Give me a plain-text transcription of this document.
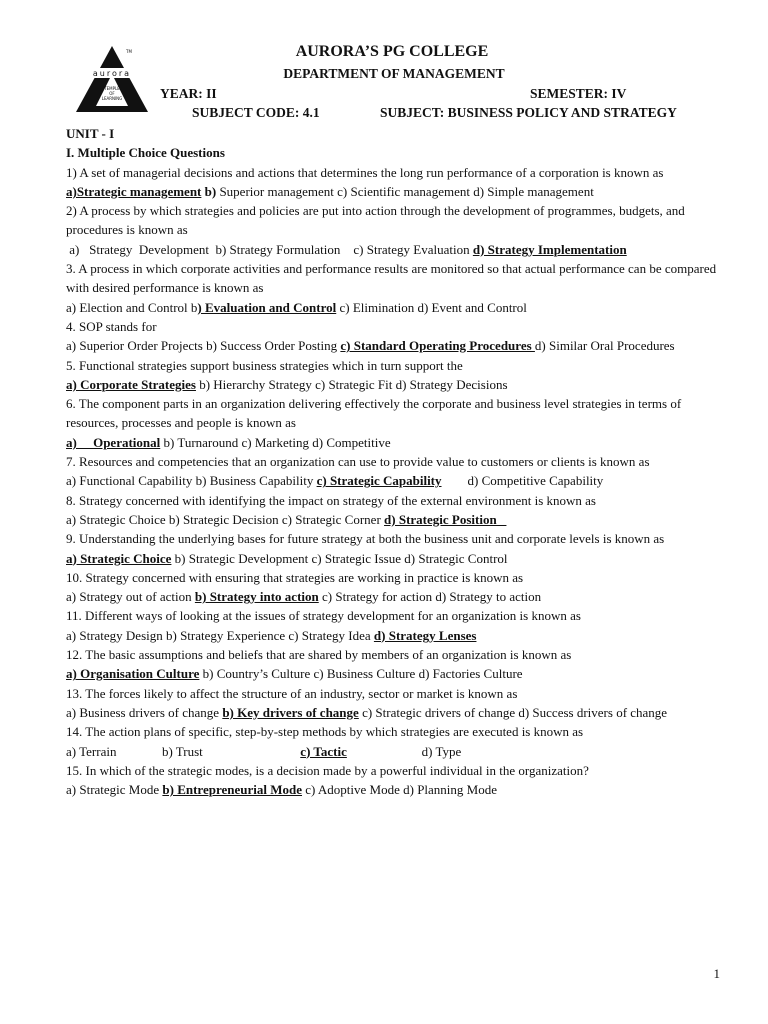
aurora
TM
TEMPLE
OF
LEARNING
AURORA’S PG COLLEGE
DEPARTMENT OF MANAGEMENT
YEAR: II	SEMESTER: IV
SUBJECT CODE: 4.1	SUBJECT: BUSINESS POLICY AND STRATEGY

UNIT - I

I. Multiple Choice Questions

1) A set of managerial decisions and actions that determines the long run performance of a corporation is known as

a)Strategic management b) Superior management c) Scientific management d) Simple management

2) A process by which strategies and policies are put into action through the development of programmes, budgets, and procedures is known as

a)   Strategy  Development  b) Strategy Formulation    c) Strategy Evaluation d) Strategy Implementation

3. A process in which corporate activities and performance results are monitored so that actual performance can be compared with desired performance is known as

a) Election and Control b) Evaluation and Control c) Elimination d) Event and Control

4. SOP stands for

a) Superior Order Projects b) Success Order Posting c) Standard Operating Procedures d) Similar Oral Procedures

5. Functional strategies support business strategies which in turn support the

a) Corporate Strategies b) Hierarchy Strategy c) Strategic Fit d) Strategy Decisions

6. The component parts in an organization delivering effectively the corporate and business level strategies in terms of resources, processes and people is known as

a)     Operational b) Turnaround c) Marketing d) Competitive

7. Resources and competencies that an organization can use to provide value to customers or clients is known as

a) Functional Capability b) Business Capability c) Strategic Capability        d) Competitive Capability

8. Strategy concerned with identifying the impact on strategy of the external environment is known as

a) Strategic Choice b) Strategic Decision c) Strategic Corner d) Strategic Position

9. Understanding the underlying bases for future strategy at both the business unit and corporate levels is known as

a) Strategic Choice b) Strategic Development c) Strategic Issue d) Strategic Control

10. Strategy concerned with ensuring that strategies are working in practice is known as

a) Strategy out of action b) Strategy into action c) Strategy for action d) Strategy to action

11. Different ways of looking at the issues of strategy development for an organization is known as

a) Strategy Design b) Strategy Experience c) Strategy Idea d) Strategy Lenses

12. The basic assumptions and beliefs that are shared by members of an organization is known as

a) Organisation Culture b) Country’s Culture c) Business Culture d) Factories Culture

13. The forces likely to affect the structure of an industry, sector or market is known as

a) Business drivers of change b) Key drivers of change c) Strategic drivers of change d) Success drivers of change

14. The action plans of specific, step-by-step methods by which strategies are executed is known as

a) Terrain              b) Trust                              c) Tactic                       d) Type

15. In which of the strategic modes, is a decision made by a powerful individual in the organization?

a) Strategic Mode b) Entrepreneurial Mode c) Adoptive Mode d) Planning Mode

1
